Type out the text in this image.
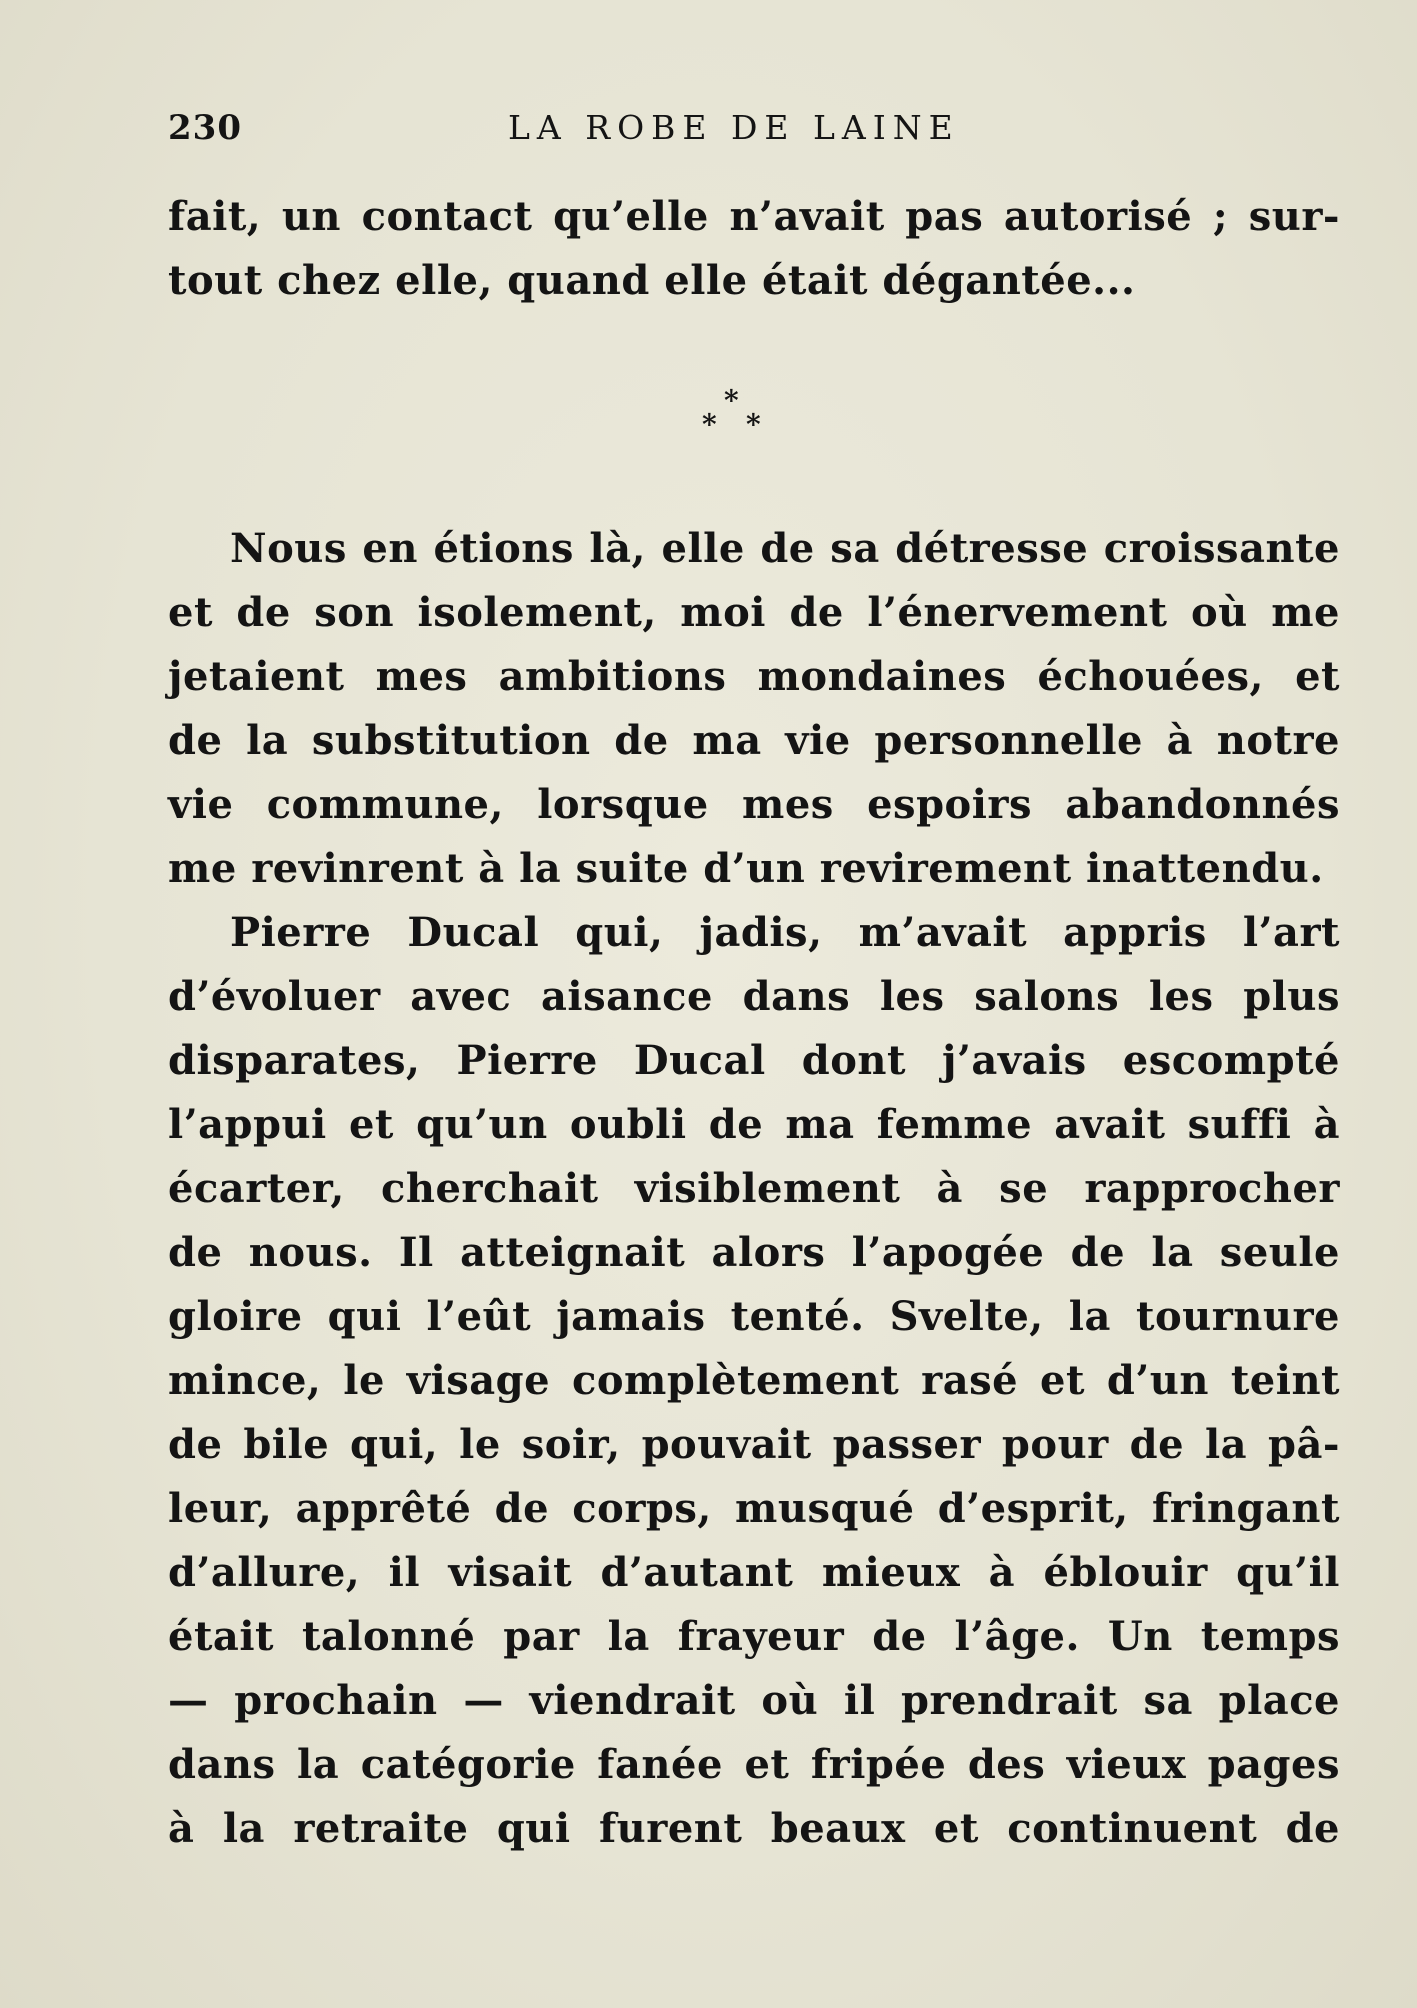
230	LA ROBE DE LAINE
fait, un contact qu’elle n’avait pas autorisé ; sur-
tout chez elle, quand elle était dégantée...
*
* *
Nous en étions là, elle de sa détresse croissante
et de son isolement, moi de l’énervement où me
jetaient mes ambitions mondaines échouées, et
de la substitution de ma vie personnelle à notre
vie commune, lorsque mes espoirs abandonnés
me revinrent à la suite d’un revirement inattendu.
Pierre Ducal qui, jadis, m’avait appris l’art
d’évoluer avec aisance dans les salons les plus
disparates, Pierre Ducal dont j’avais escompté
l’appui et qu’un oubli de ma femme avait suffi à
écarter, cherchait visiblement à se rapprocher
de nous. Il atteignait alors l’apogée de la seule
gloire qui l’eût jamais tenté. Svelte, la tournure
mince, le visage complètement rasé et d’un teint
de bile qui, le soir, pouvait passer pour de la pâ-
leur, apprêté de corps, musqué d’esprit, fringant
d’allure, il visait d’autant mieux à éblouir qu’il
était talonné par la frayeur de l’âge. Un temps
— prochain — viendrait où il prendrait sa place
dans la catégorie fanée et fripée des vieux pages
à la retraite qui furent beaux et continuent de
